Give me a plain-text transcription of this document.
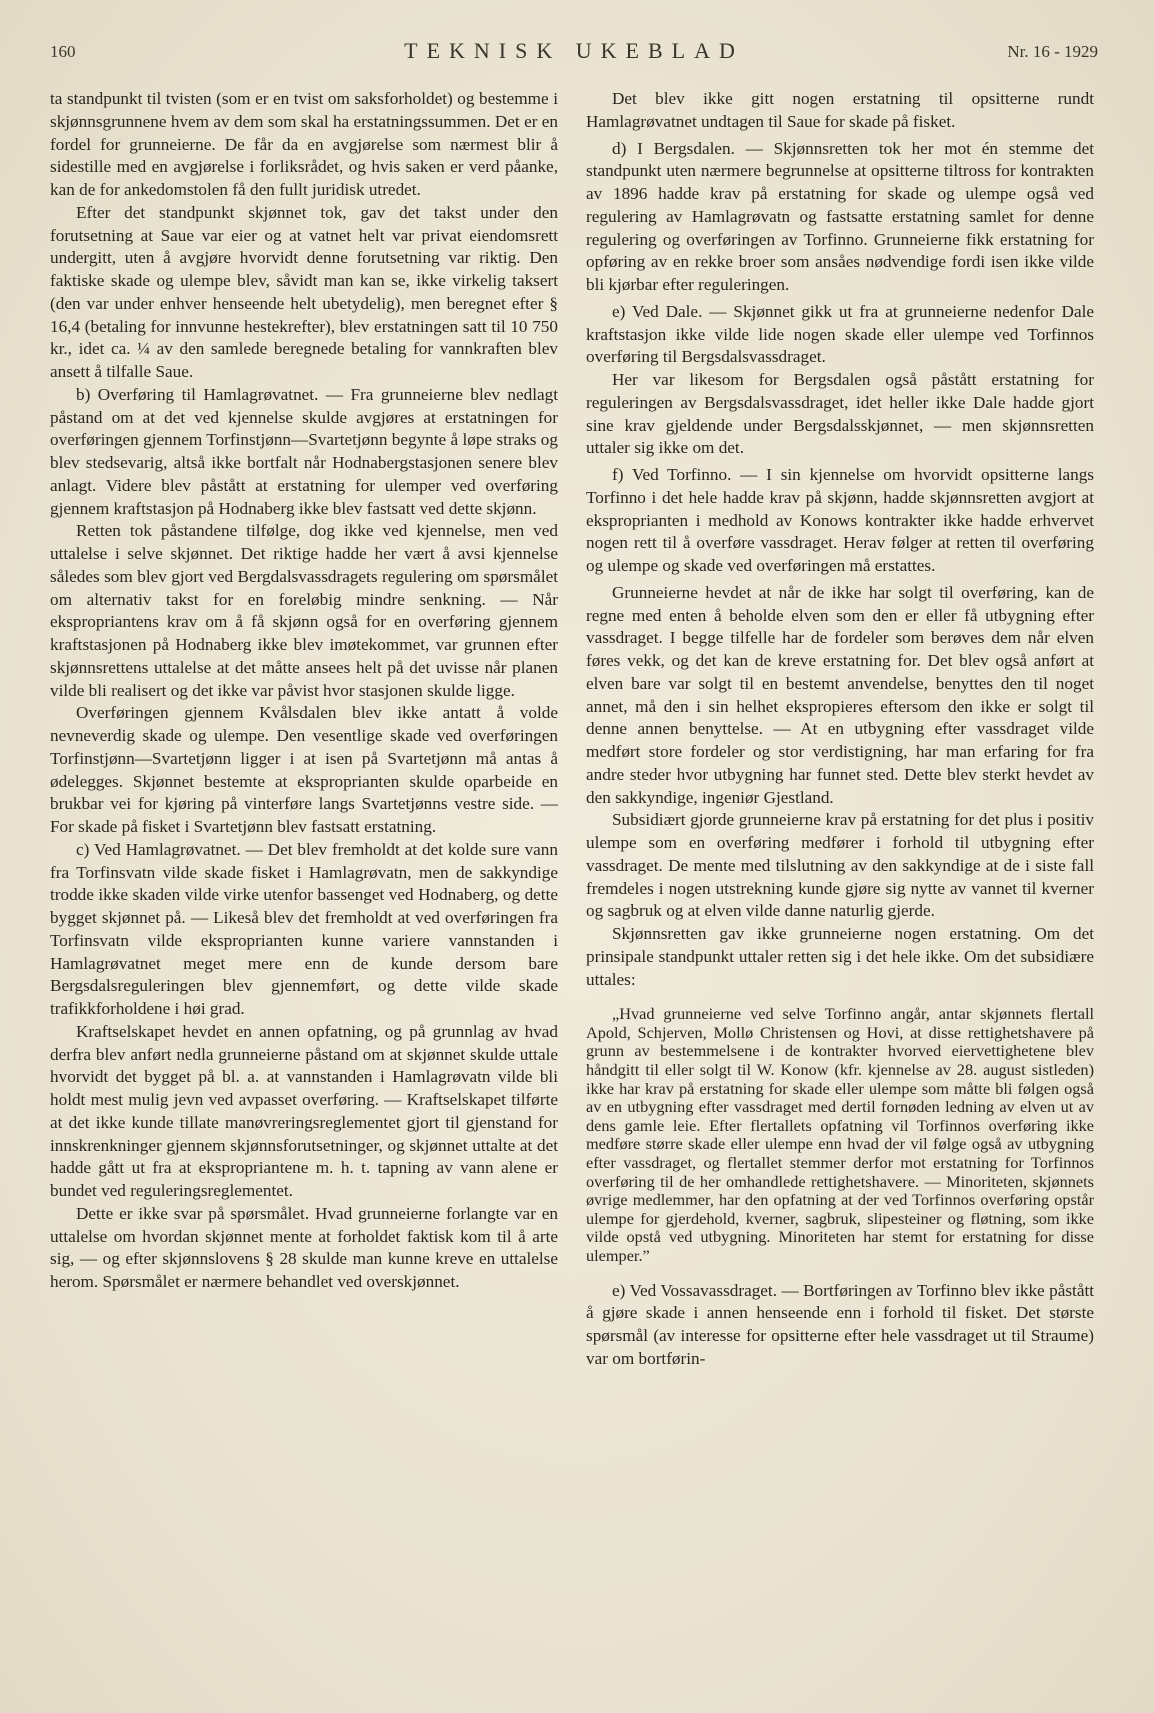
160	TEKNISK UKEBLAD	Nr. 16 - 1929

ta standpunkt til tvisten (som er en tvist om saksforholdet) og bestemme i skjønnsgrunnene hvem av dem som skal ha erstatningssummen. Det er en fordel for grunneierne. De får da en avgjørelse som nærmest blir å sidestille med en avgjørelse i forliksrådet, og hvis saken er verd påanke, kan de for ankedomstolen få den fullt juridisk utredet.

Efter det standpunkt skjønnet tok, gav det takst under den forutsetning at Saue var eier og at vatnet helt var privat eiendomsrett undergitt, uten å avgjøre hvorvidt denne forutsetning var riktig. Den faktiske skade og ulempe blev, såvidt man kan se, ikke virkelig taksert (den var under enhver henseende helt ubetydelig), men beregnet efter § 16,4 (betaling for innvunne hestekrefter), blev erstatningen satt til 10 750 kr., idet ca. ¼ av den samlede beregnede betaling for vannkraften blev ansett å tilfalle Saue.

b) Overføring til Hamlagrøvatnet. — Fra grunneierne blev nedlagt påstand om at det ved kjennelse skulde avgjøres at erstatningen for overføringen gjennem Torfinstjønn—Svartetjønn begynte å løpe straks og blev stedsevarig, altså ikke bortfalt når Hodnabergstasjonen senere blev anlagt. Videre blev påstått at erstatning for ulemper ved overføring gjennem kraftstasjon på Hodnaberg ikke blev fastsatt ved dette skjønn.

Retten tok påstandene tilfølge, dog ikke ved kjennelse, men ved uttalelse i selve skjønnet. Det riktige hadde her vært å avsi kjennelse således som blev gjort ved Bergdalsvassdragets regulering om spørsmålet om alternativ takst for en foreløbig mindre senkning. — Når ekspropriantens krav om å få skjønn også for en overføring gjennem kraftstasjonen på Hodnaberg ikke blev imøtekommet, var grunnen efter skjønnsrettens uttalelse at det måtte ansees helt på det uvisse når planen vilde bli realisert og det ikke var påvist hvor stasjonen skulde ligge.

Overføringen gjennem Kvålsdalen blev ikke antatt å volde nevneverdig skade og ulempe. Den vesentlige skade ved overføringen Torfinstjønn—Svartetjønn ligger i at isen på Svartetjønn må antas å ødelegges. Skjønnet bestemte at eksproprianten skulde oparbeide en brukbar vei for kjøring på vinterføre langs Svartetjønns vestre side. — For skade på fisket i Svartetjønn blev fastsatt erstatning.

c) Ved Hamlagrøvatnet. — Det blev fremholdt at det kolde sure vann fra Torfinsvatn vilde skade fisket i Hamlagrøvatn, men de sakkyndige trodde ikke skaden vilde virke utenfor bassenget ved Hodnaberg, og dette bygget skjønnet på. — Likeså blev det fremholdt at ved overføringen fra Torfinsvatn vilde eksproprianten kunne variere vannstanden i Hamlagrøvatnet meget mere enn de kunde dersom bare Bergsdalsreguleringen blev gjennemført, og dette vilde skade trafikkforholdene i høi grad.

Kraftselskapet hevdet en annen opfatning, og på grunnlag av hvad derfra blev anført nedla grunneierne påstand om at skjønnet skulde uttale hvorvidt det bygget på bl. a. at vannstanden i Hamlagrøvatn vilde bli holdt mest mulig jevn ved avpasset overføring. — Kraftselskapet tilførte at det ikke kunde tillate manøvreringsreglementet gjort til gjenstand for innskrenkninger gjennem skjønnsforutsetninger, og skjønnet uttalte at det hadde gått ut fra at ekspropriantene m. h. t. tapning av vann alene er bundet ved reguleringsreglementet.

Dette er ikke svar på spørsmålet. Hvad grunneierne forlangte var en uttalelse om hvordan skjønnet mente at forholdet faktisk kom til å arte sig, — og efter skjønnslovens § 28 skulde man kunne kreve en uttalelse herom. Spørsmålet er nærmere behandlet ved overskjønnet.

Det blev ikke gitt nogen erstatning til opsitterne rundt Hamlagrøvatnet undtagen til Saue for skade på fisket.

d) I Bergsdalen. — Skjønnsretten tok her mot én stemme det standpunkt uten nærmere begrunnelse at opsitterne tiltross for kontrakten av 1896 hadde krav på erstatning for skade og ulempe også ved regulering av Hamlagrøvatn og fastsatte erstatning samlet for denne regulering og overføringen av Torfinno. Grunneierne fikk erstatning for opføring av en rekke broer som ansåes nødvendige fordi isen ikke vilde bli kjørbar efter reguleringen.

e) Ved Dale. — Skjønnet gikk ut fra at grunneierne nedenfor Dale kraftstasjon ikke vilde lide nogen skade eller ulempe ved Torfinnos overføring til Bergsdalsvassdraget.

Her var likesom for Bergsdalen også påstått erstatning for reguleringen av Bergsdalsvassdraget, idet heller ikke Dale hadde gjort sine krav gjeldende under Bergsdalsskjønnet, — men skjønnsretten uttaler sig ikke om det.

f) Ved Torfinno. — I sin kjennelse om hvorvidt opsitterne langs Torfinno i det hele hadde krav på skjønn, hadde skjønnsretten avgjort at eksproprianten i medhold av Konows kontrakter ikke hadde erhvervet nogen rett til å overføre vassdraget. Herav følger at retten til overføring og ulempe og skade ved overføringen må erstattes.

Grunneierne hevdet at når de ikke har solgt til overføring, kan de regne med enten å beholde elven som den er eller få utbygning efter vassdraget. I begge tilfelle har de fordeler som berøves dem når elven føres vekk, og det kan de kreve erstatning for. Det blev også anført at elven bare var solgt til en bestemt anvendelse, benyttes den til noget annet, må den i sin helhet ekspropieres eftersom den ikke er solgt til denne annen benyttelse. — At en utbygning efter vassdraget vilde medført store fordeler og stor verdistigning, har man erfaring for fra andre steder hvor utbygning har funnet sted. Dette blev sterkt hevdet av den sakkyndige, ingeniør Gjestland.

Subsidiært gjorde grunneierne krav på erstatning for det plus i positiv ulempe som en overføring medfører i forhold til utbygning efter vassdraget. De mente med tilslutning av den sakkyndige at de i siste fall fremdeles i nogen utstrekning kunde gjøre sig nytte av vannet til kverner og sagbruk og at elven vilde danne naturlig gjerde.

Skjønnsretten gav ikke grunneierne nogen erstatning. Om det prinsipale standpunkt uttaler retten sig i det hele ikke. Om det subsidiære uttales:

„Hvad grunneierne ved selve Torfinno angår, antar skjønnets flertall Apold, Schjerven, Mollø Christensen og Hovi, at disse rettighetshavere på grunn av bestemmelsene i de kontrakter hvorved eiervettighetene blev håndgitt til eller solgt til W. Konow (kfr. kjennelse av 28. august sistleden) ikke har krav på erstatning for skade eller ulempe som måtte bli følgen også av en utbygning efter vassdraget med dertil fornøden ledning av elven ut av dens gamle leie. Efter flertallets opfatning vil Torfinnos overføring ikke medføre større skade eller ulempe enn hvad der vil følge også av utbygning efter vassdraget, og flertallet stemmer derfor mot erstatning for Torfinnos overføring til de her omhandlede rettighetshavere. — Minoriteten, skjønnets øvrige medlemmer, har den opfatning at der ved Torfinnos overføring opstår ulempe for gjerdehold, kverner, sagbruk, slipesteiner og fløtning, som ikke vilde opstå ved utbygning. Minoriteten har stemt for erstatning for disse ulemper.”

e) Ved Vossavassdraget. — Bortføringen av Torfinno blev ikke påstått å gjøre skade i annen henseende enn i forhold til fisket. Det største spørsmål (av interesse for opsitterne efter hele vassdraget ut til Straume) var om bortførin-
